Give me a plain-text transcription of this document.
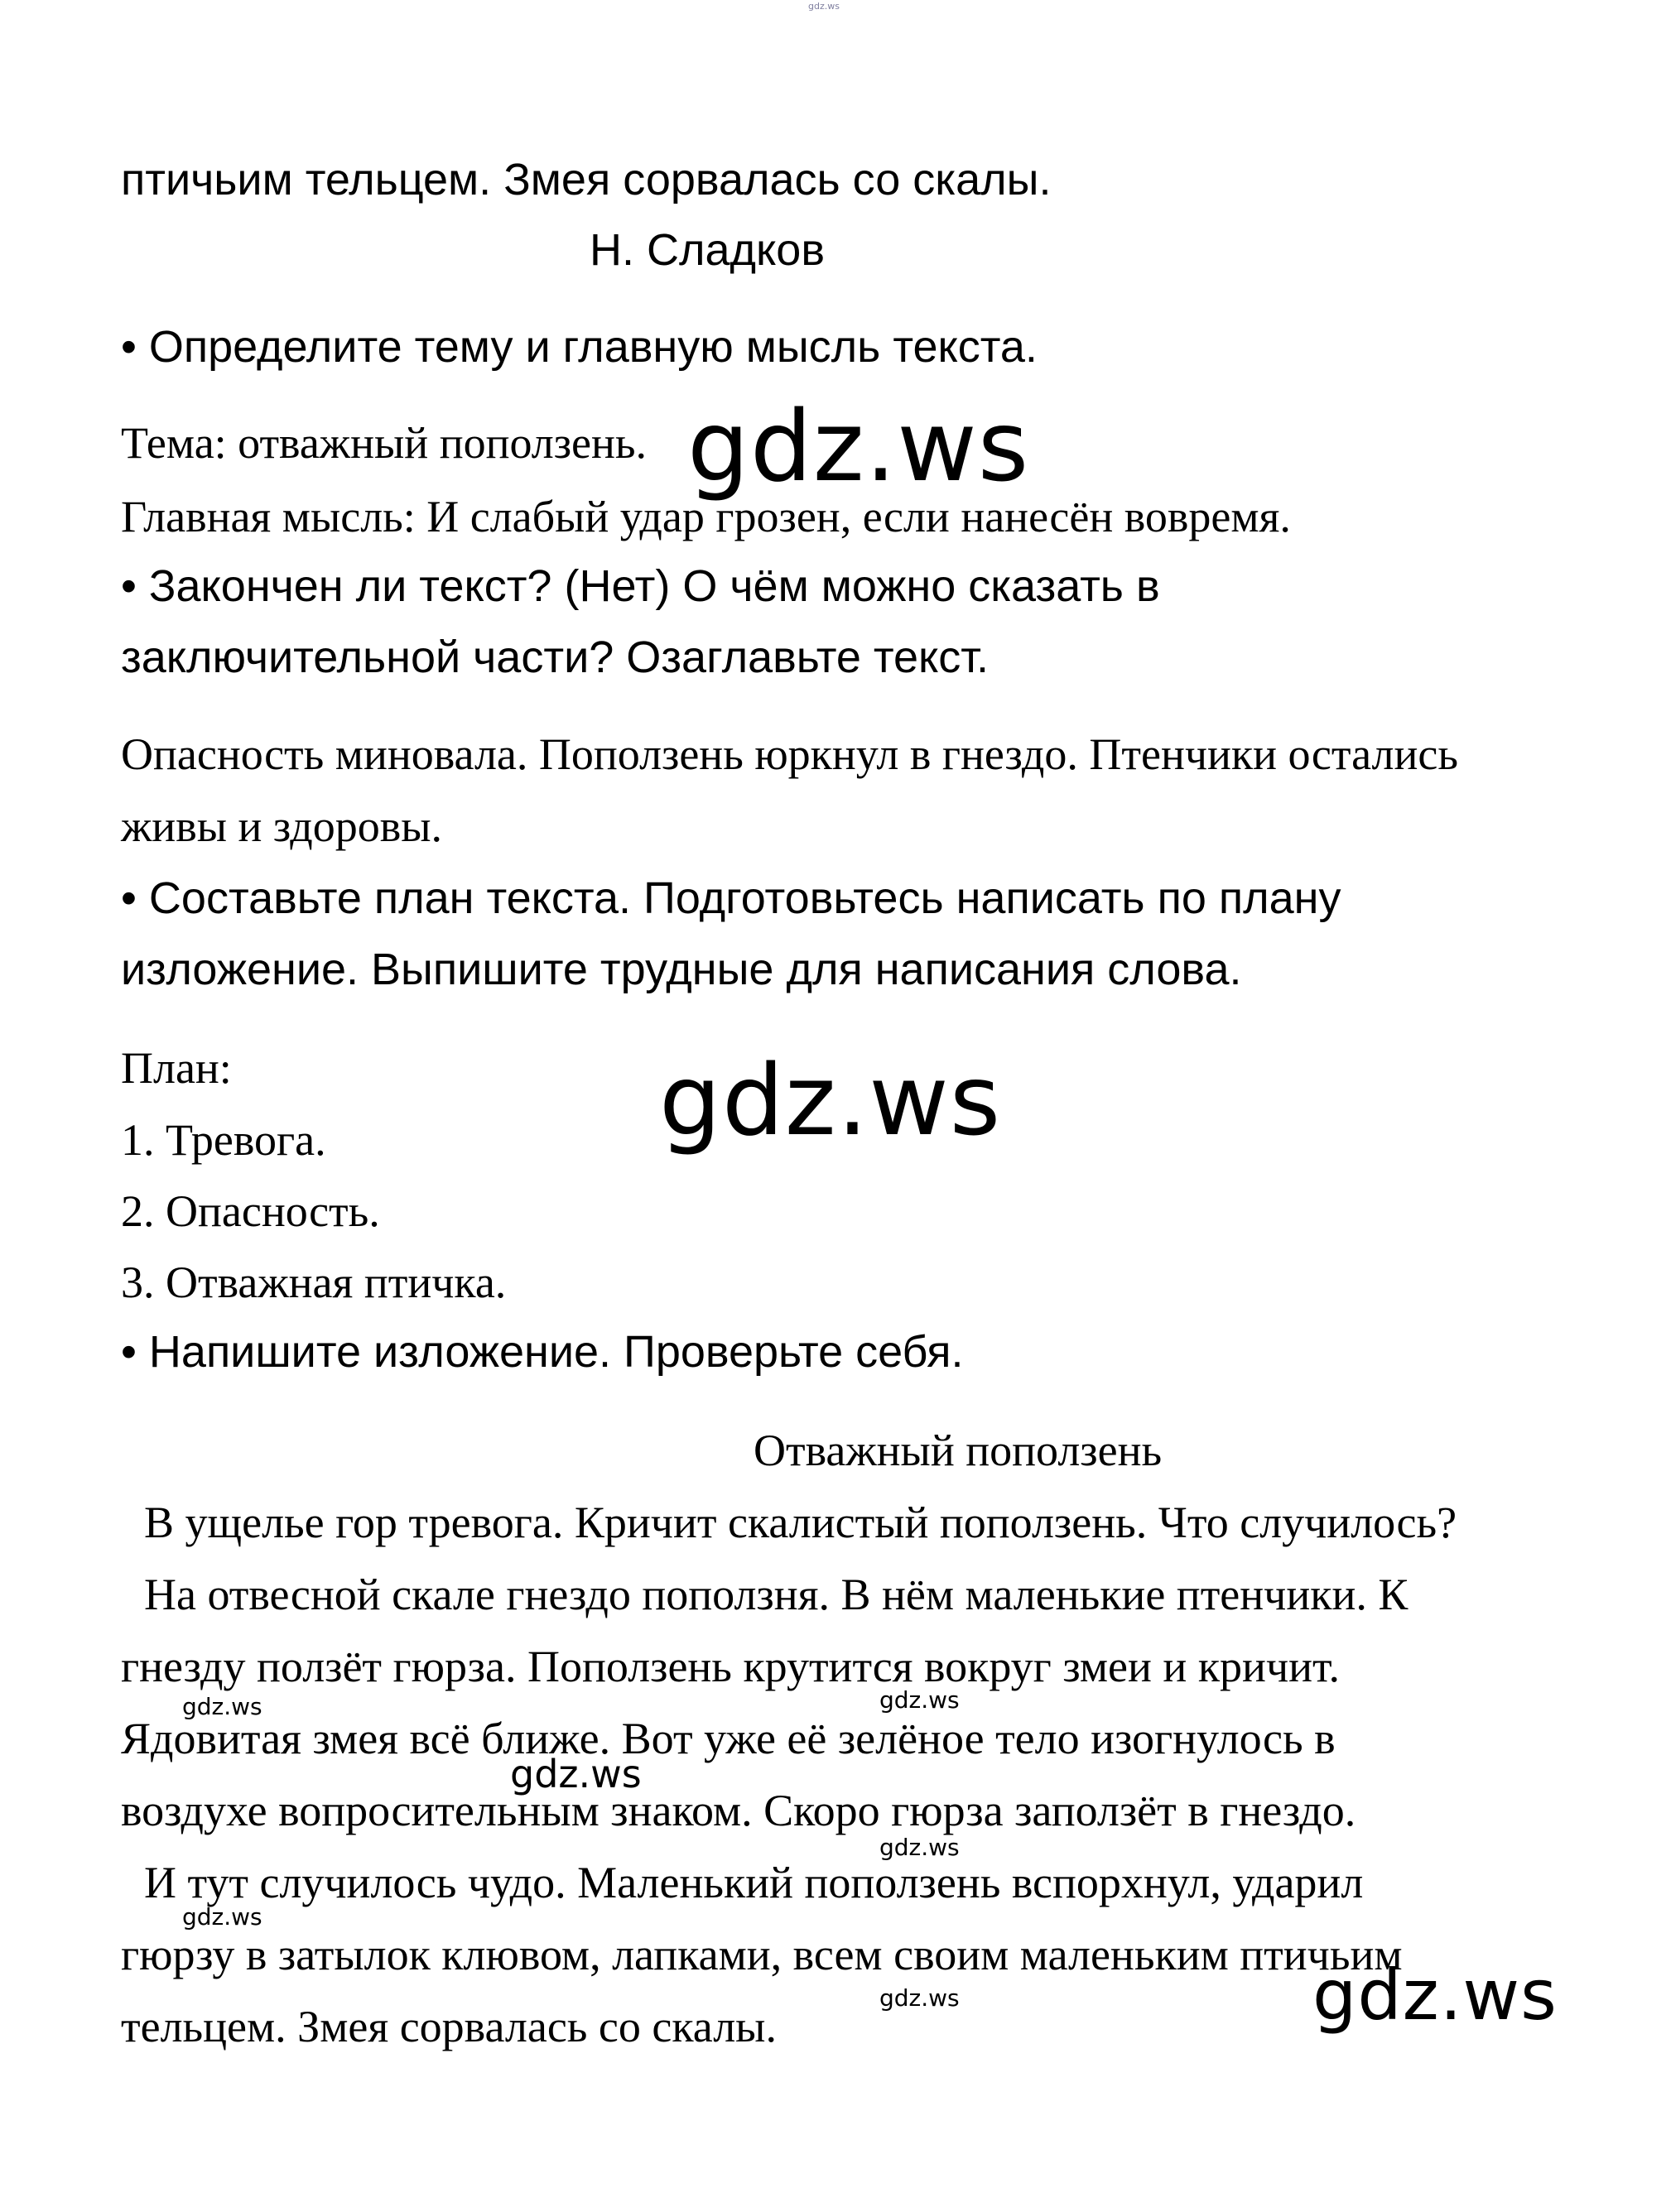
gdz.ws
птичьим тельцем. Змея сорвалась со скалы.
Н. Сладков
• Определите тему и главную мысль текста.
Тема: отважный поползень.
Главная мысль: И слабый удар грозен, если нанесён вовремя.
• Закончен ли текст? (Нет) О чём можно сказать в
заключительной части? Озаглавьте текст.
Опасность миновала. Поползень юркнул в гнездо. Птенчики остались
живы и здоровы.
• Составьте план текста. Подготовьтесь написать по плану
изложение. Выпишите трудные для написания слова.
План:
1. Тревога.
2. Опасность.
3. Отважная птичка.
• Напишите изложение. Проверьте себя.
Отважный поползень
В ущелье гор тревога. Кричит скалистый поползень. Что случилось?
На отвесной скале гнездо поползня. В нём маленькие птенчики. К
гнезду ползёт гюрза. Поползень крутится вокруг змеи и кричит.
Ядовитая змея всё ближе. Вот уже её зелёное тело изогнулось в
воздухе вопросительным знаком. Скоро гюрза заползёт в гнездо.
И тут случилось чудо. Маленький поползень вспорхнул, ударил
гюрзу в затылок клювом, лапками, всем своим маленьким птичьим
тельцем. Змея сорвалась со скалы.
gdz.ws
gdz.ws
gdz.ws
gdz.ws
gdz.ws	gdz.ws
gdz.ws
gdz.ws
gdz.ws
